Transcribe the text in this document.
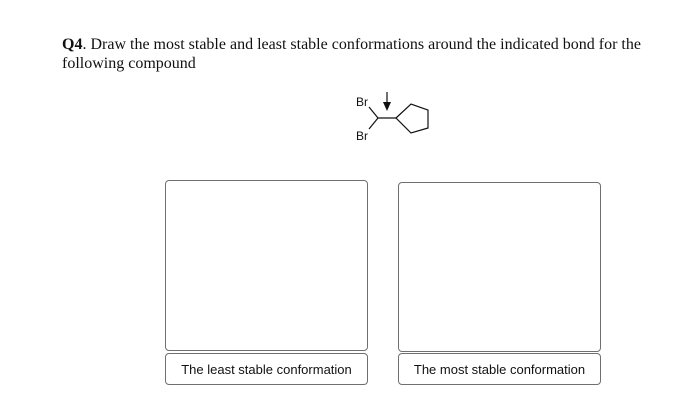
Q4. Draw the most stable and least stable conformations around the indicated bond for the following compound
Br
Br
The least stable conformation	The most stable conformation
